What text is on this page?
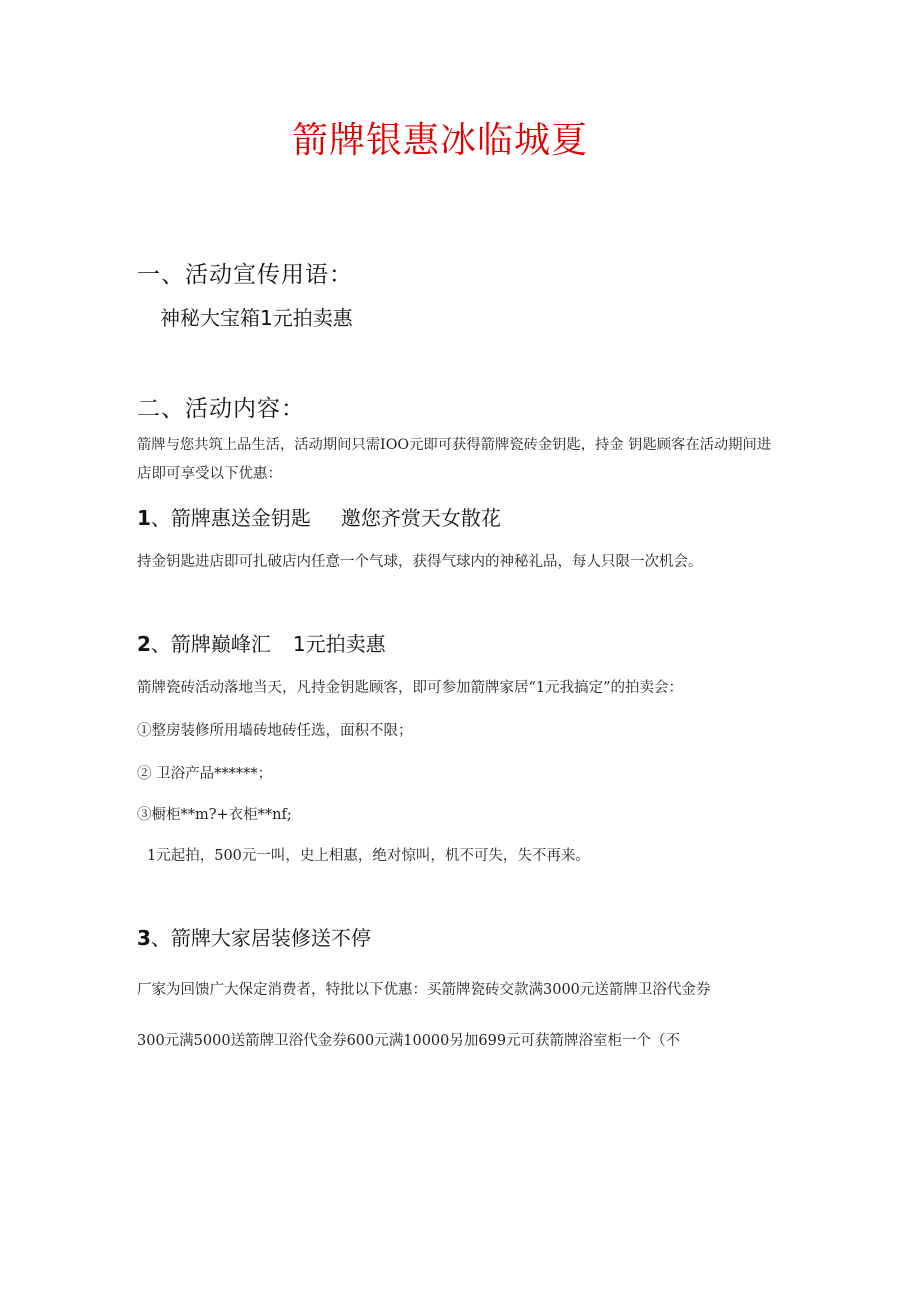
箭牌银惠冰临城夏
一、活动宣传用语：
神秘大宝箱1元拍卖惠
二、活动内容：
箭牌与您共筑上品生活，活动期间只需IOO元即可获得箭牌瓷砖金钥匙，持金 钥匙顾客在活动期间进
店即可享受以下优惠：
1、箭牌惠送金钥匙 邀您齐赏天女散花
持金钥匙进店即可扎破店内任意一个气球，获得气球内的神秘礼品，每人只限一次机会。
2、箭牌巅峰汇 1元拍卖惠
箭牌瓷砖活动落地当天，凡持金钥匙顾客，即可参加箭牌家居“1元我搞定”的拍卖会：
①整房装修所用墙砖地砖任选，面积不限；
② 卫浴产品******；
③橱柜**m?+衣柜**nf;
1元起拍，500元一叫，史上相惠，绝对惊叫，机不可失，失不再来。
3、箭牌大家居装修送不停
厂家为回馈广大保定消费者，特批以下优惠：买箭牌瓷砖交款满3000元送箭牌卫浴代金券
300元满5000送箭牌卫浴代金券600元满10000另加699元可获箭牌浴室柜一个（不
